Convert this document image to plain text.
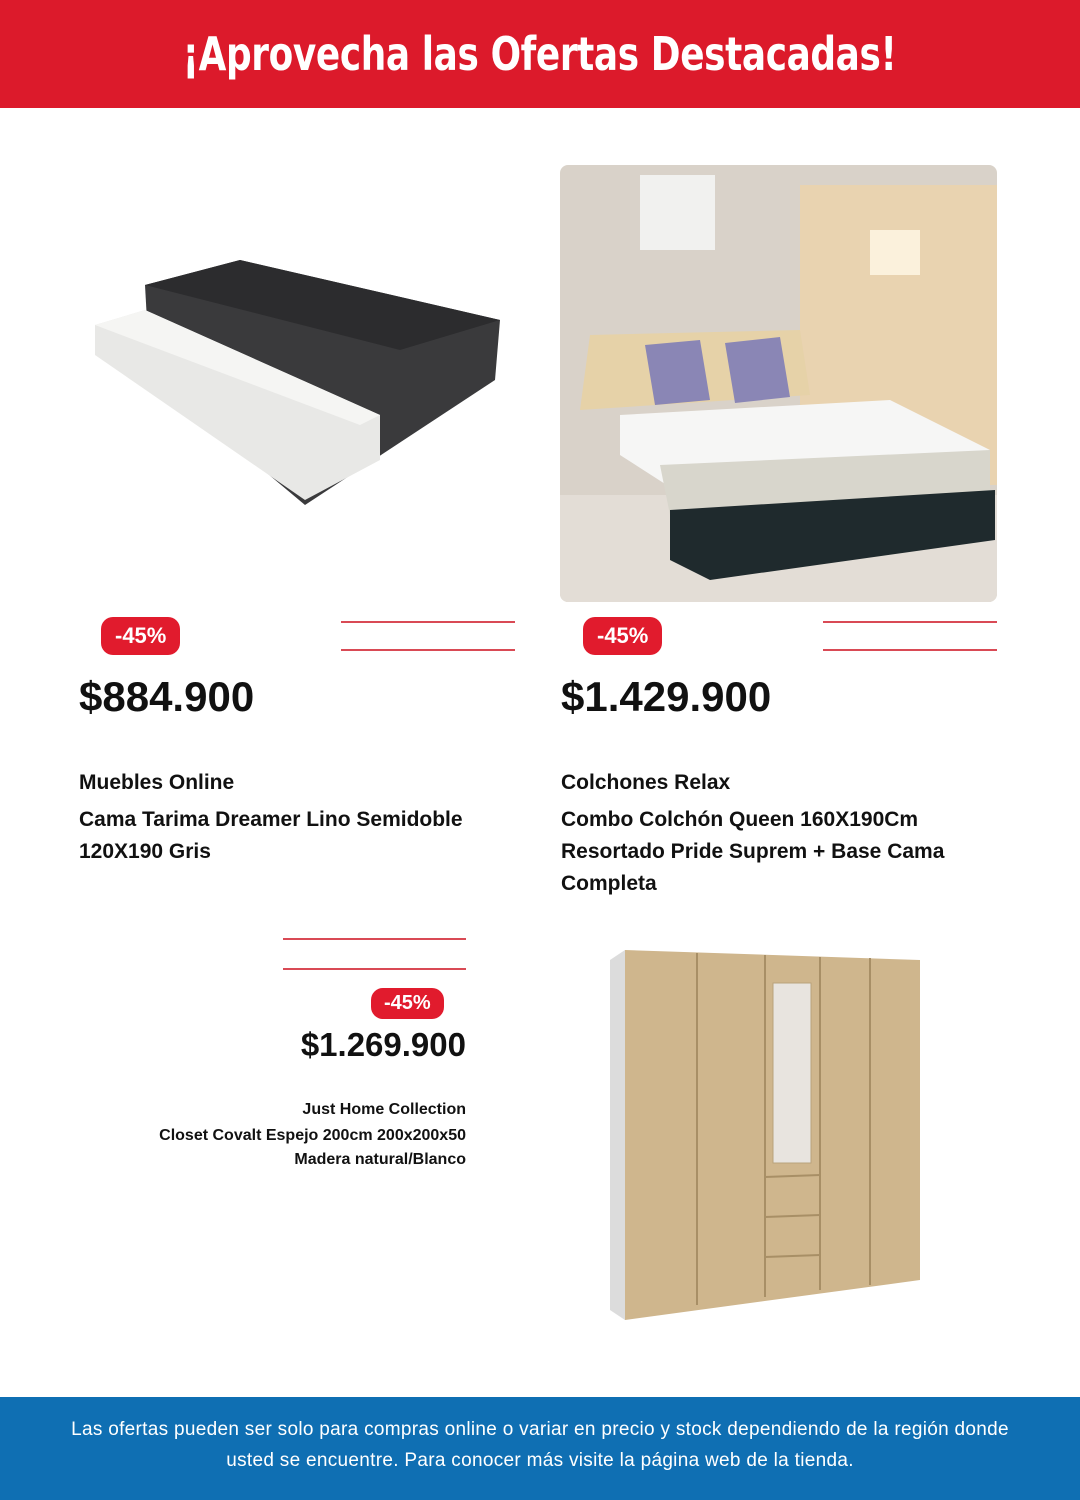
¡Aprovecha las Ofertas Destacadas!
-45%
$884.900
Muebles Online
Cama Tarima Dreamer Lino Semidoble 120X190 Gris
-45%
$1.429.900
Colchones Relax
Combo Colchón Queen 160X190Cm Resortado Pride Suprem + Base Cama Completa
-45%
$1.269.900
Just Home Collection
Closet Covalt Espejo 200cm 200x200x50 Madera natural/Blanco

Las ofertas pueden ser solo para compras online o variar en precio y stock dependiendo de la región donde usted se encuentre. Para conocer más visite la página web de la tienda.
